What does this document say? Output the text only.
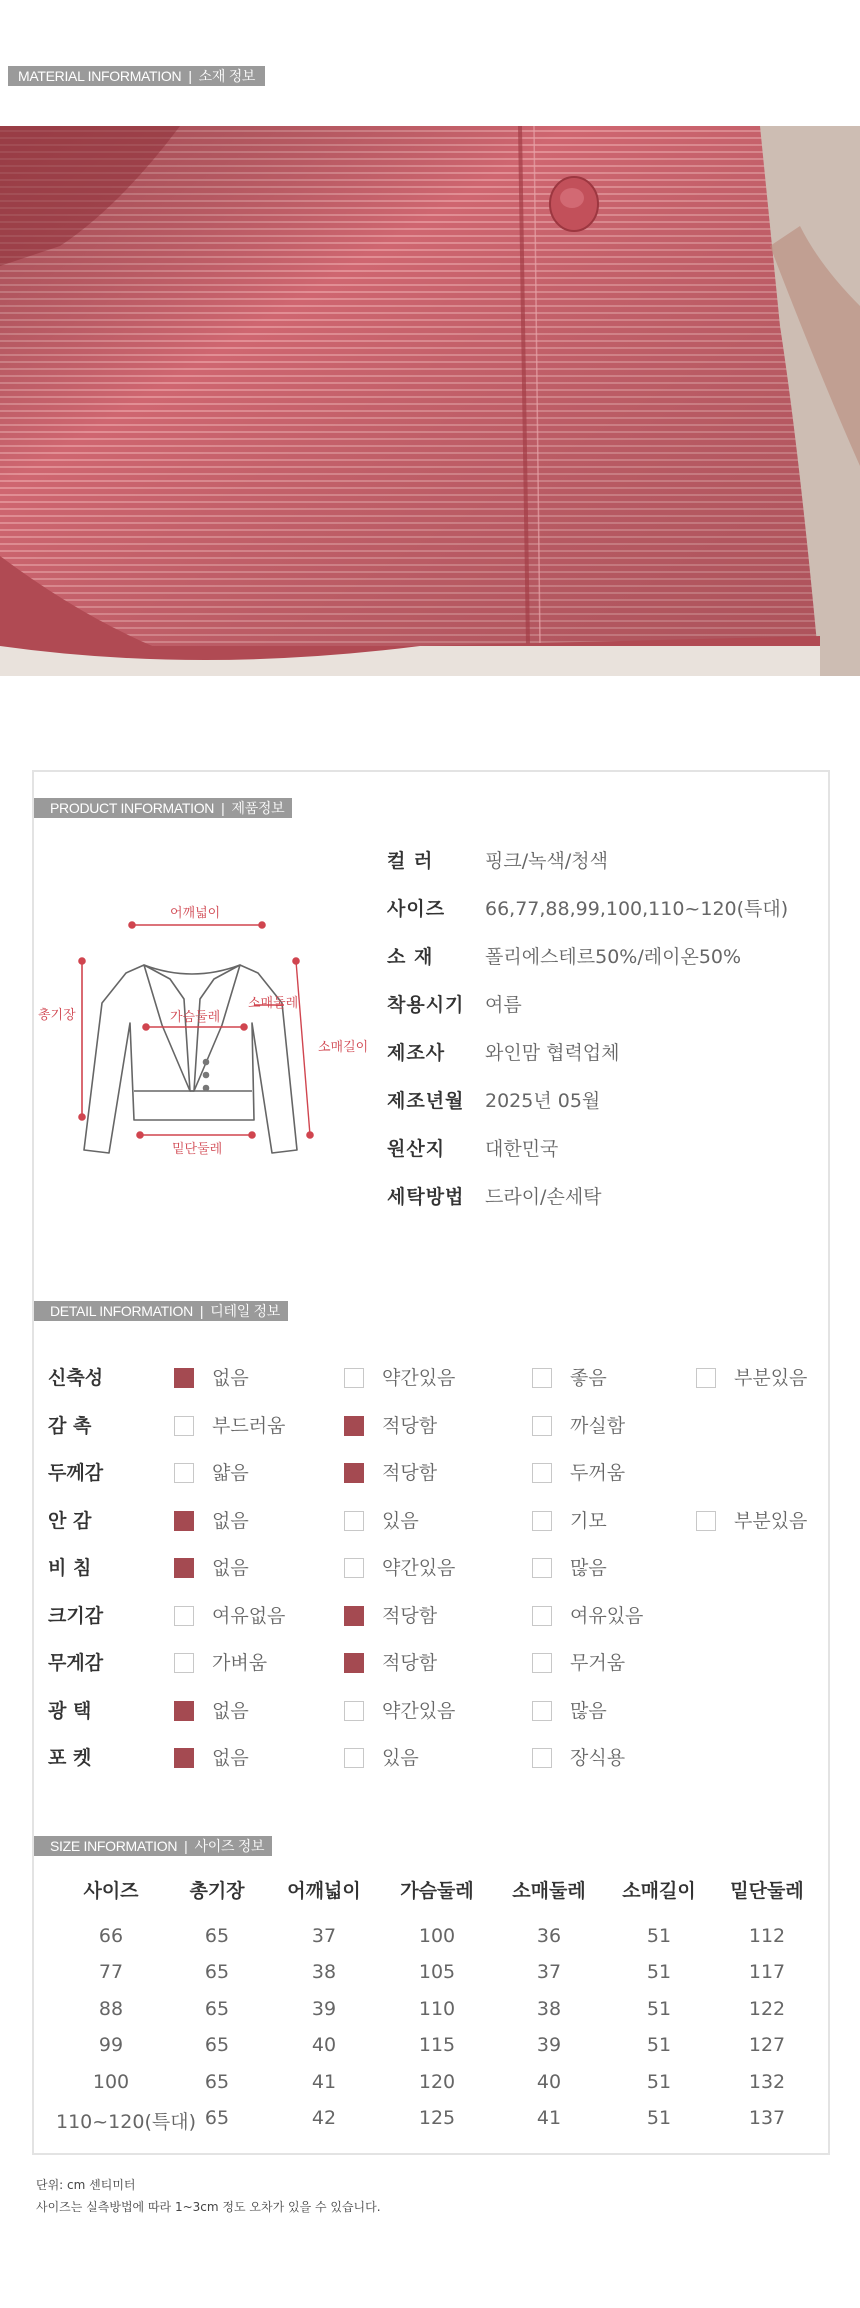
MATERIAL INFORMATION | 소재 정보
PRODUCT INFORMATION | 제품정보
어깨넓이
총기장	가슴둘레
소매둘레
소매길이
밑단둘레
컬 러	핑크/녹색/청색
사이즈 66,77,88,99,100,110~120(특대)
소 재	폴리에스테르50%/레이온50%
착용시기 여름
제조사 와인맘 협력업체
제조년월 2025년 05월
원산지 대한민국
세탁방법 드라이/손세탁
DETAIL INFORMATION | 디테일 정보
신축성	없음	약간있음	좋음	부분있음
감 촉	부드러움	적당함	까실함
두께감	얇음	적당함	두꺼움
안 감	없음	있음	기모	부분있음
비 침	없음	약간있음	많음
크기감	여유없음	적당함	여유있음
무게감	가벼움	적당함	무거움
광 택	없음	약간있음	많음
포 켓	없음	있음	장식용
SIZE INFORMATION | 사이즈 정보
사이즈	총기장	어깨넓이	가슴둘레	소매둘레	소매길이	밑단둘레
66	65	37	100	36	51	112
77	65	38	105	37	51	117
88	65	39	110	38	51	122
99	65	40	115	39	51	127
100	65	41	120	40	51	132
110~120(특대) 65	42	125	41	51	137
단위: cm 센티미터
사이즈는 실측방법에 따라 1~3cm 정도 오차가 있을 수 있습니다.
